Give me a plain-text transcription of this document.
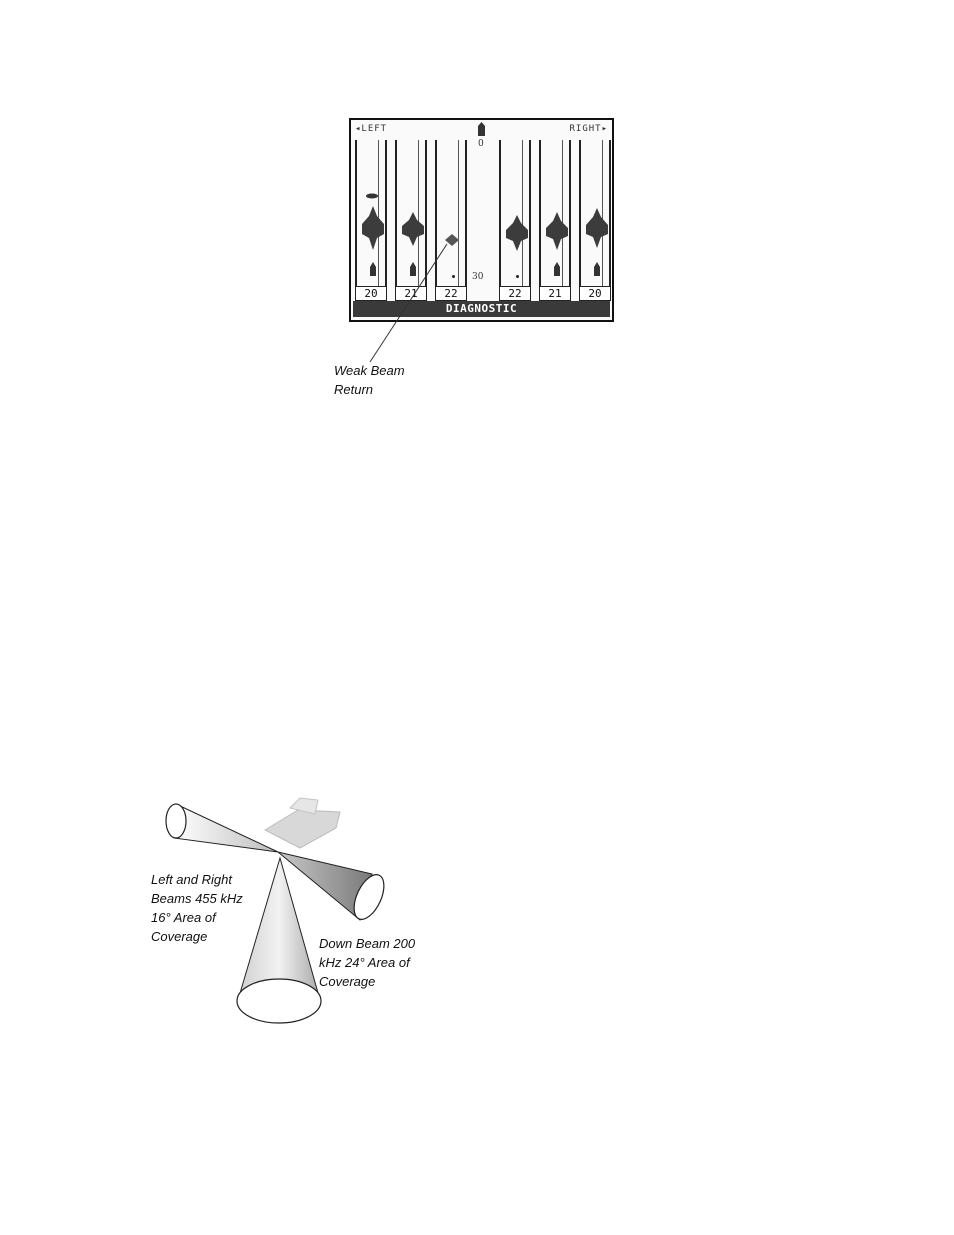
◂LEFT	RIGHT▸
0
30
20	21	22	22	21	20
DIAGNOSTIC
Weak Beam
Return
Left and Right
Beams 455 kHz
16° Area of
Coverage	Down Beam 200
kHz 24° Area of
Coverage
